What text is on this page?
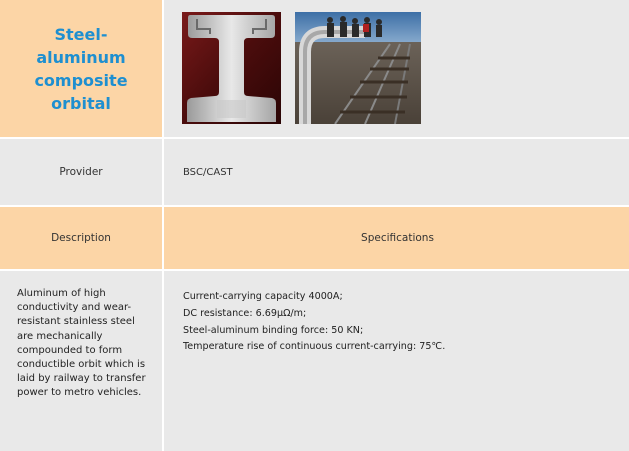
Steel-aluminum composite orbital
Provider	BSC/CAST
Description	Specifications
Aluminum of high conductivity and wear-resistant stainless steel are mechanically compounded to form conductible orbit which is laid by railway to transfer power to metro vehicles.
Current-carrying capacity 4000A;
DC resistance: 6.69μΩ/m;
Steel-aluminum binding force: 50 KN;
Temperature rise of continuous current-carrying: 75℃.
